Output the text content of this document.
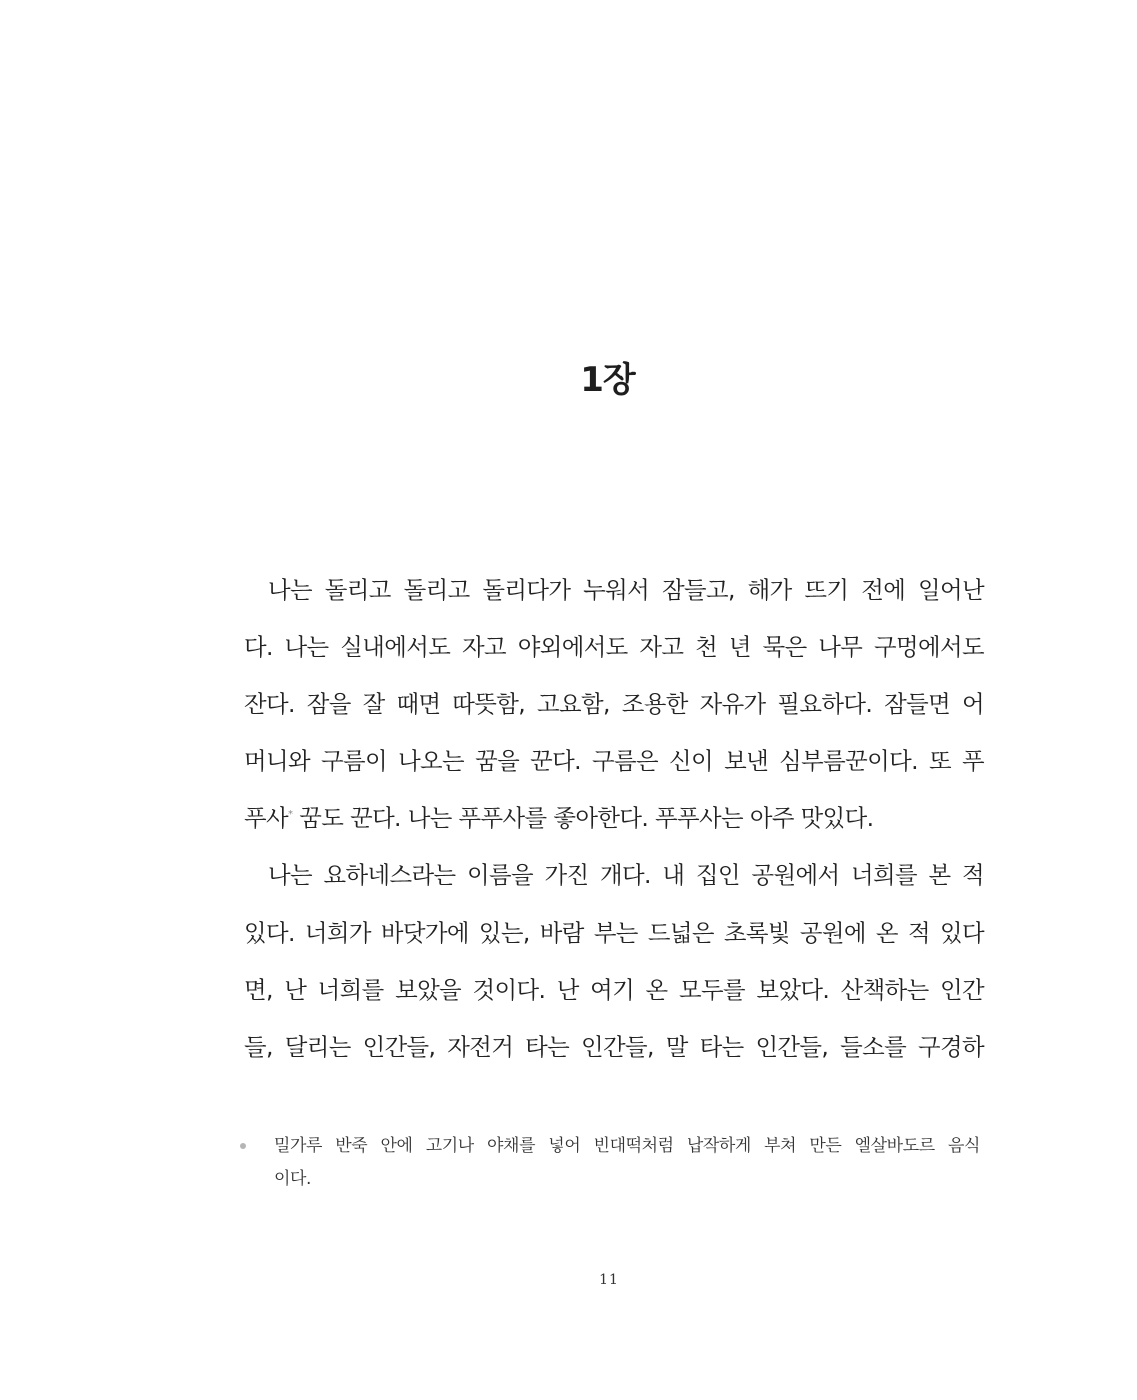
1장
나는 돌리고 돌리고 돌리다가 누워서 잠들고, 해가 뜨기 전에 일어난
다. 나는 실내에서도 자고 야외에서도 자고 천 년 묵은 나무 구멍에서도
잔다. 잠을 잘 때면 따뜻함, 고요함, 조용한 자유가 필요하다. 잠들면 어
머니와 구름이 나오는 꿈을 꾼다. 구름은 신이 보낸 심부름꾼이다. 또 푸
푸사* 꿈도 꾼다. 나는 푸푸사를 좋아한다. 푸푸사는 아주 맛있다.
나는 요하네스라는 이름을 가진 개다. 내 집인 공원에서 너희를 본 적
있다. 너희가 바닷가에 있는, 바람 부는 드넓은 초록빛 공원에 온 적 있다
면, 난 너희를 보았을 것이다. 난 여기 온 모두를 보았다. 산책하는 인간
들, 달리는 인간들, 자전거 타는 인간들, 말 타는 인간들, 들소를 구경하
밀가루 반죽 안에 고기나 야채를 넣어 빈대떡처럼 납작하게 부쳐 만든 엘살바도르 음식
이다.
11
